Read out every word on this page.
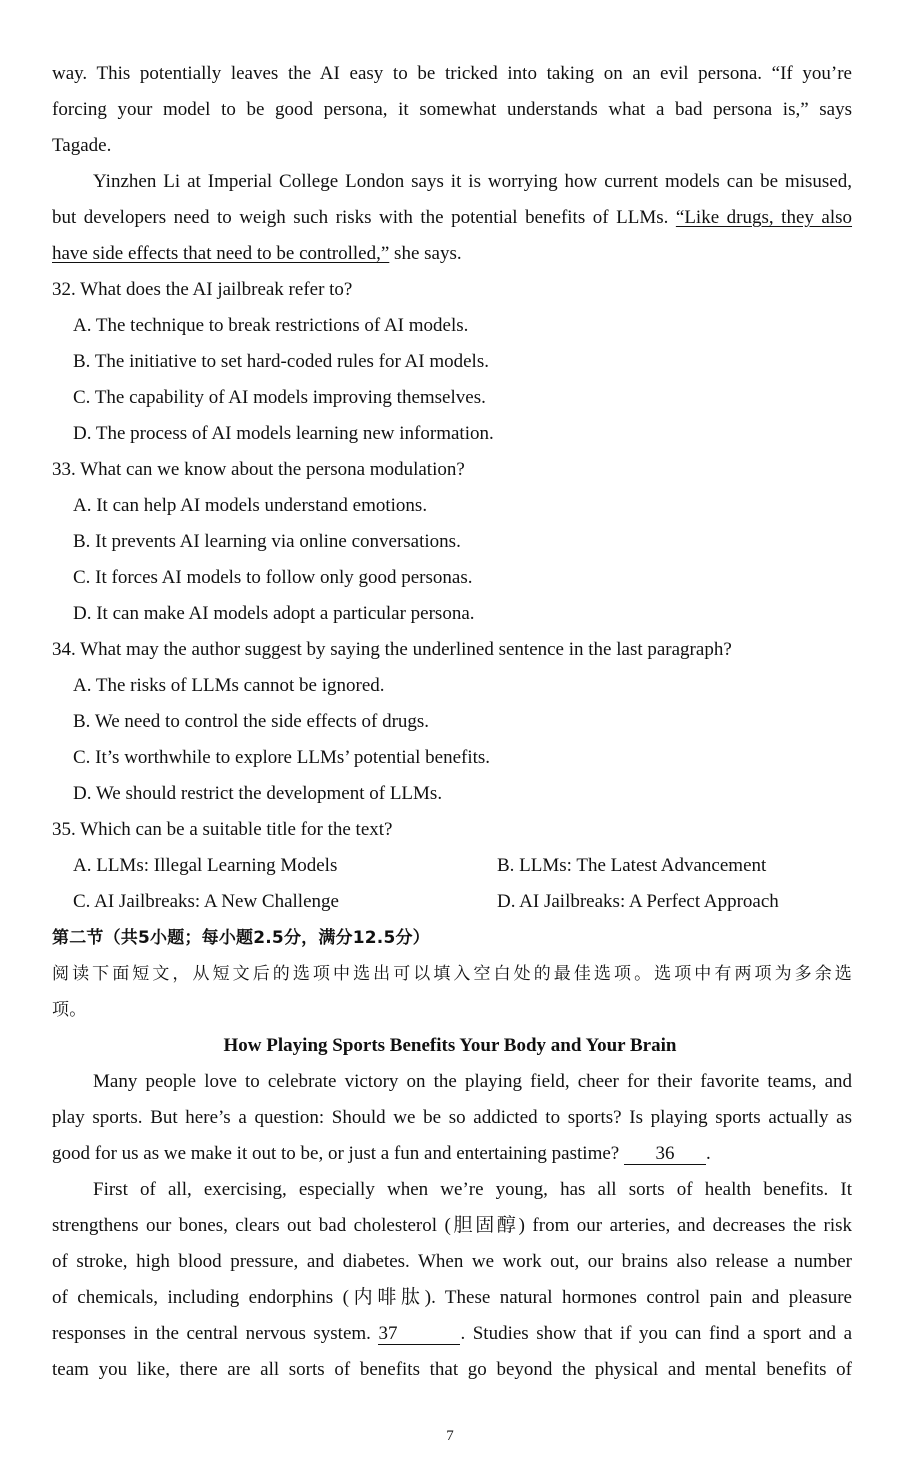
way. This potentially leaves the AI easy to be tricked into taking on an evil persona. “If you’re
forcing your model to be good persona, it somewhat understands what a bad persona is,” says
Tagade.
Yinzhen Li at Imperial College London says it is worrying how current models can be misused,
but developers need to weigh such risks with the potential benefits of LLMs. “Like drugs, they also
have side effects that need to be controlled,” she says.
32. What does the AI jailbreak refer to?
A. The technique to break restrictions of AI models.
B. The initiative to set hard-coded rules for AI models.
C. The capability of AI models improving themselves.
D. The process of AI models learning new information.
33. What can we know about the persona modulation?
A. It can help AI models understand emotions.
B. It prevents AI learning via online conversations.
C. It forces AI models to follow only good personas.
D. It can make AI models adopt a particular persona.
34. What may the author suggest by saying the underlined sentence in the last paragraph?
A. The risks of LLMs cannot be ignored.
B. We need to control the side effects of drugs.
C. It’s worthwhile to explore LLMs’ potential benefits.
D. We should restrict the development of LLMs.
35. Which can be a suitable title for the text?
A. LLMs: Illegal Learning Models	B. LLMs: The Latest Advancement
C. AI Jailbreaks: A New Challenge	D. AI Jailbreaks: A Perfect Approach
第二节（共5小题；每小题2.5分，满分12.5分）
阅读下面短文，从短文后的选项中选出可以填入空白处的最佳选项。选项中有两项为多余选
项。
How Playing Sports Benefits Your Body and Your Brain
Many people love to celebrate victory on the playing field, cheer for their favorite teams, and
play sports. But here’s a question: Should we be so addicted to sports? Is playing sports actually as
good for us as we make it out to be, or just a fun and entertaining pastime? 36 .
First of all, exercising, especially when we’re young, has all sorts of health benefits. It
strengthens our bones, clears out bad cholesterol (胆固醇) from our arteries, and decreases the risk
of stroke, high blood pressure, and diabetes. When we work out, our brains also release a number
of chemicals, including endorphins (内啡肽). These natural hormones control pain and pleasure
responses in the central nervous system. 37	. Studies show that if you can find a sport and a
team you like, there are all sorts of benefits that go beyond the physical and mental benefits of
7
